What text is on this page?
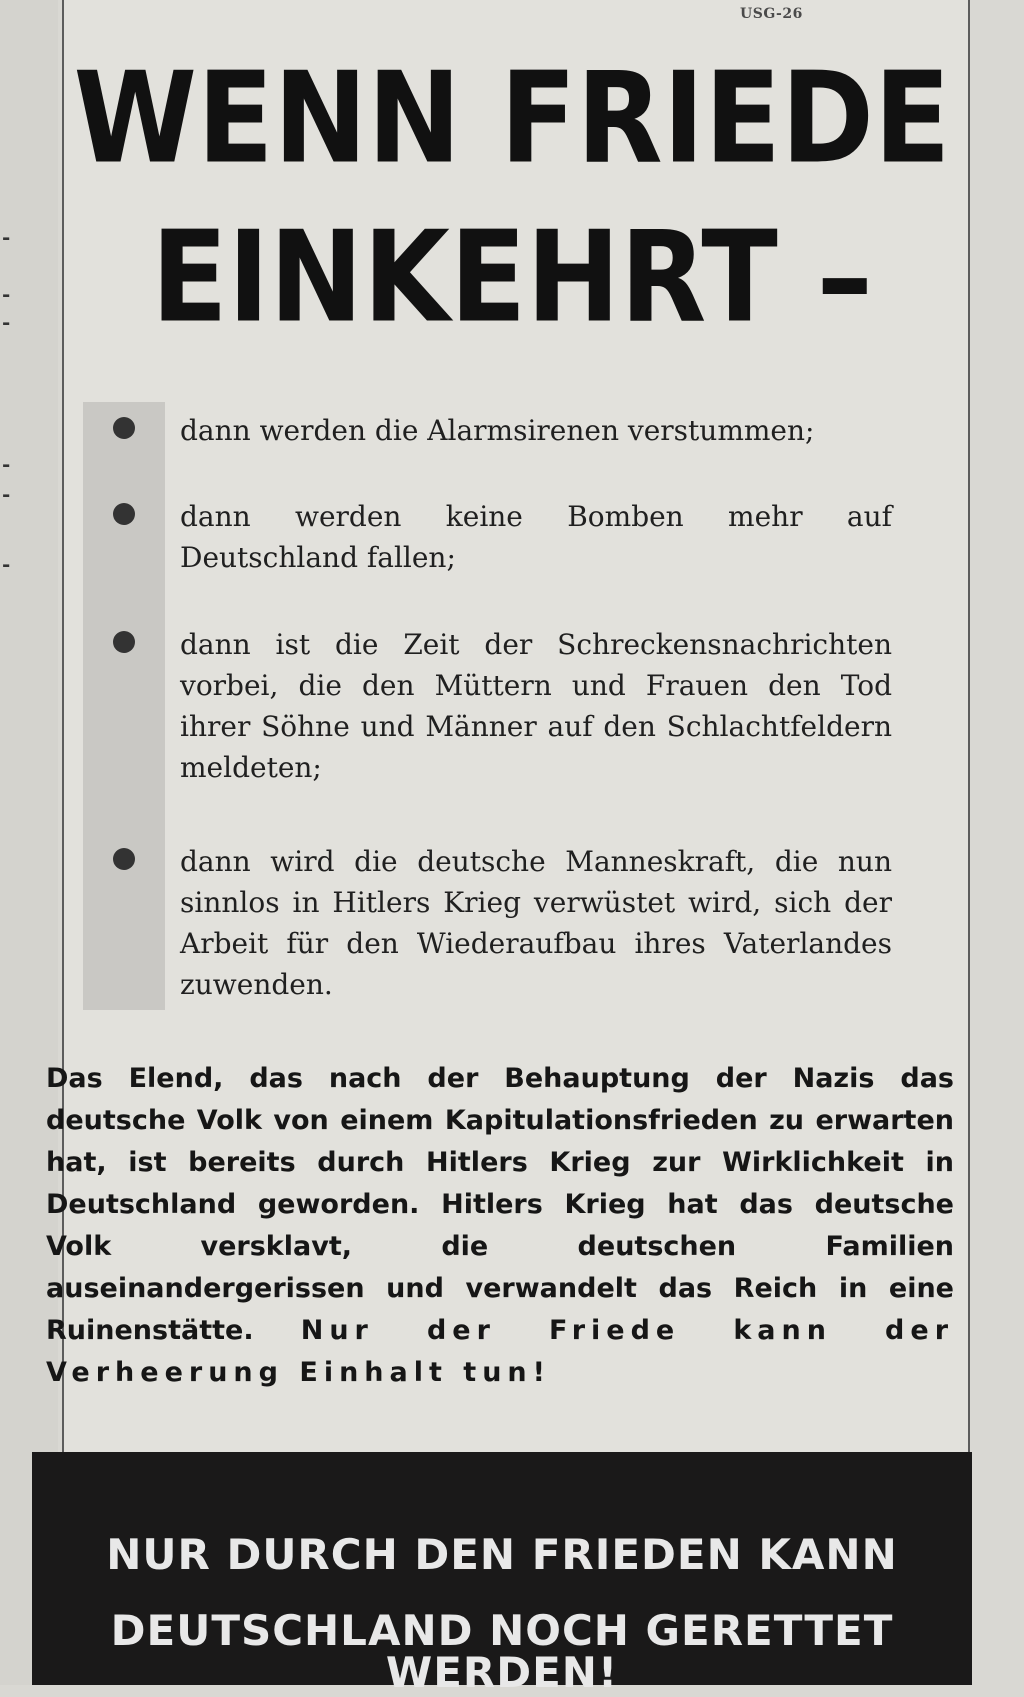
‑
‑
‑
‑
‑
‑
USG-26
WENN FRIEDE
EINKEHRT –

dann werden die Alarmsirenen verstummen;

dann werden keine Bomben mehr auf Deutschland fallen;

dann ist die Zeit der Schreckensnachrichten vorbei, die den Müttern und Frauen den Tod ihrer Söhne und Männer auf den Schlachtfeldern meldeten;

dann wird die deutsche Manneskraft, die nun sinnlos in Hitlers Krieg verwüstet wird, sich der Arbeit für den Wiederaufbau ihres Vaterlandes zuwenden.

Das Elend, das nach der Behauptung der Nazis das deutsche Volk von einem Kapitulationsfrieden zu erwarten hat, ist bereits durch Hitlers Krieg zur Wirklichkeit in Deutschland geworden. Hitlers Krieg hat das deutsche Volk versklavt, die deutschen Familien auseinandergerissen und verwandelt das Reich in eine Ruinenstätte. Nur der Friede kann der Verheerung Einhalt tun!

NUR DURCH DEN FRIEDEN KANN
DEUTSCHLAND NOCH GERETTET WERDEN!
